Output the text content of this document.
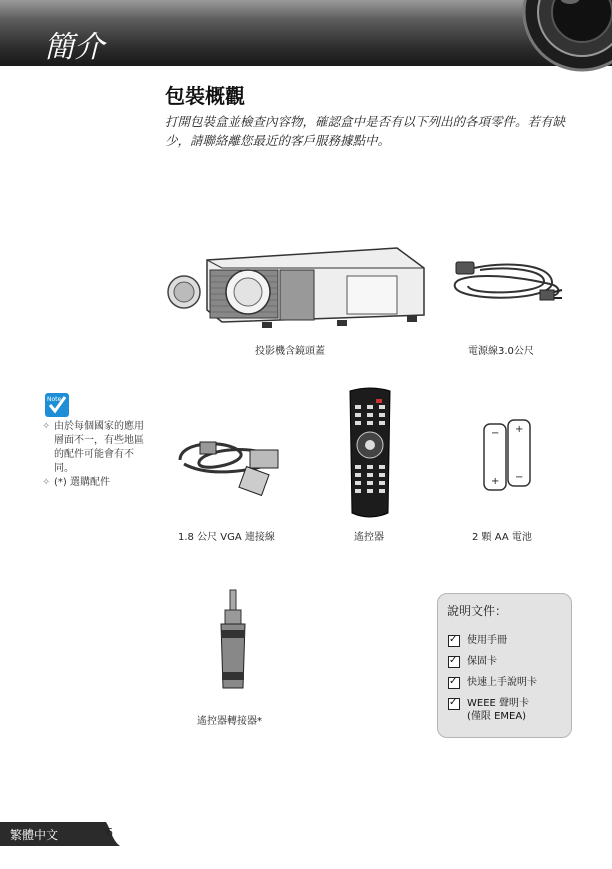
簡介
包裝概觀
打開包裝盒並檢查內容物，確認盒中是否有以下列出的各項零件。若有缺少，請聯絡離您最近的客戶服務據點中。
投影機含鏡頭蓋	電源線3.0公尺
Note
✧ 由於每個國家的應用層面不一，有些地區的配件可能會有不同。
✧ (*) 選購配件
1.8 公尺 VGA 連接線	遙控器
−
+
+
−
2 顆 AA 電池
遙控器轉接器*
說明文件：
✓
使用手冊
✓
保固卡
✓
快速上手說明卡
✓
WEEE 聲明卡
(僅限 EMEA)
繁體中文	6
